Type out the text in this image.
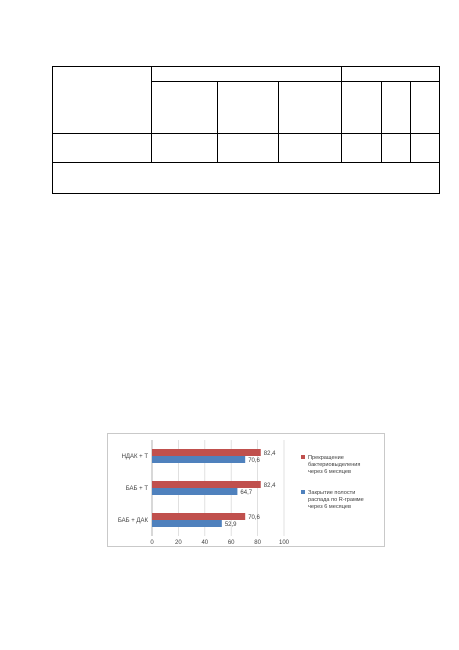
0	20	40	60	80	100
НДАК + Т
БАБ + Т
БАБ + ДАК
82,4
70,6
82,4
64,7
70,6
52,9
Прекращение бактериовыделения через 6 месяцев
Закрытие полости распада по R-грамме через 6 месяцев
